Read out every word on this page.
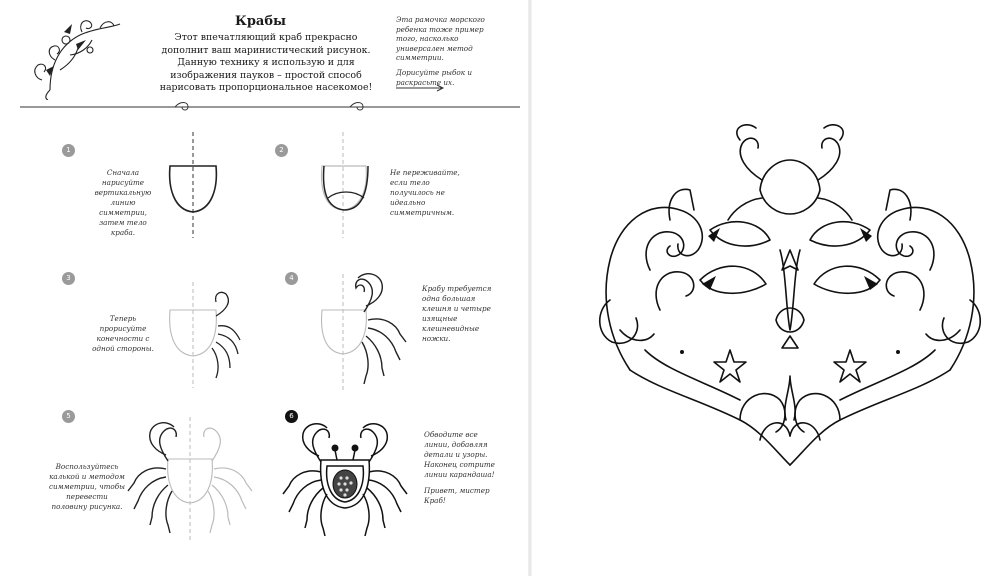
Крабы
Этот впечатляющий краб прекрасно дополнит ваш маринистический рисунок. Данную технику я использую и для изображения пауков – простой способ нарисовать пропорциональное насекомое!

Эта рамочка морского ребенка тоже пример того, насколько универсален метод симметрии.

Дорисуйте рыбок и раскрасьте их.

1
Сначала нарисуйте вертикальную линию симметрии, затем тело краба.
2
Не переживайте, если тело получилось не идеально симметричным.
3
Теперь прорисуйте конечности с одной стороны.
4
Крабу требуется одна большая клешня и четыре изящные клешневидные ножки.
5
Воспользуйтесь калькой и методом симметрии, чтобы перевести половину рисунка.
6

Обводите все линии, добавляя детали и узоры. Наконец сотрите линии карандаша!

Привет, мистер Краб!
